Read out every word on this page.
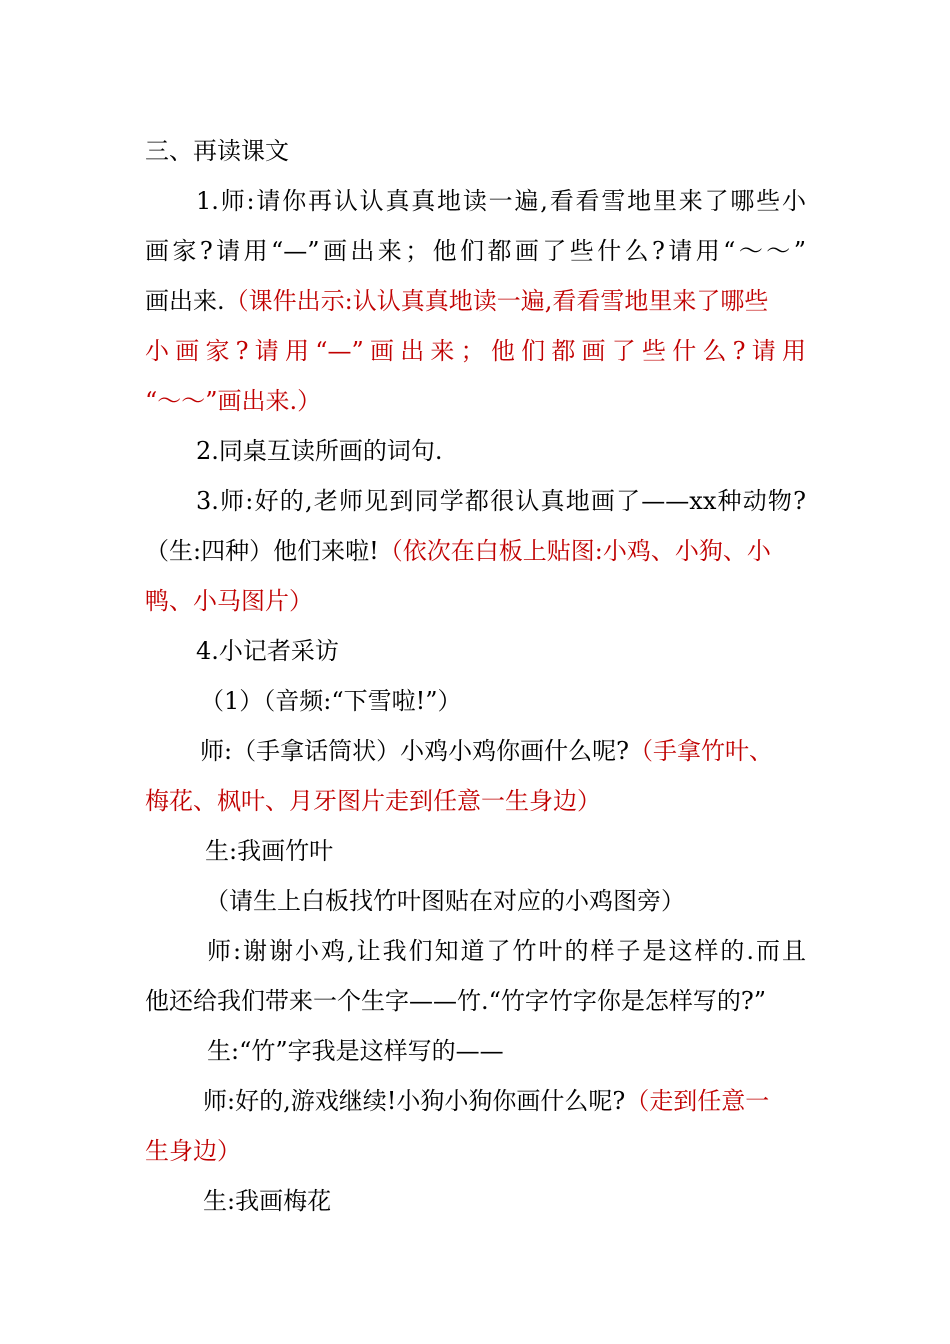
三、再读课文
1.师:请你再认认真真地读一遍,看看雪地里来了哪些小
画家?请用“—”画出来；他们都画了些什么?请用“～～”
画出来.（课件出示:认认真真地读一遍,看看雪地里来了哪些
小画家?请用“—”画出来；他们都画了些什么?请用
“～～”画出来.）
2.同桌互读所画的词句.
3.师:好的,老师见到同学都很认真地画了——xx种动物?
（生:四种）他们来啦!（依次在白板上贴图:小鸡、小狗、小
鸭、小马图片）
4.小记者采访
（1）（音频:“下雪啦!”）
师:（手拿话筒状）小鸡小鸡你画什么呢?（手拿竹叶、
梅花、枫叶、月牙图片走到任意一生身边）
生:我画竹叶
（请生上白板找竹叶图贴在对应的小鸡图旁）
师:谢谢小鸡,让我们知道了竹叶的样子是这样的.而且
他还给我们带来一个生字——竹.“竹字竹字你是怎样写的?”
生:“竹”字我是这样写的——
师:好的,游戏继续!小狗小狗你画什么呢?（走到任意一
生身边）
生:我画梅花
